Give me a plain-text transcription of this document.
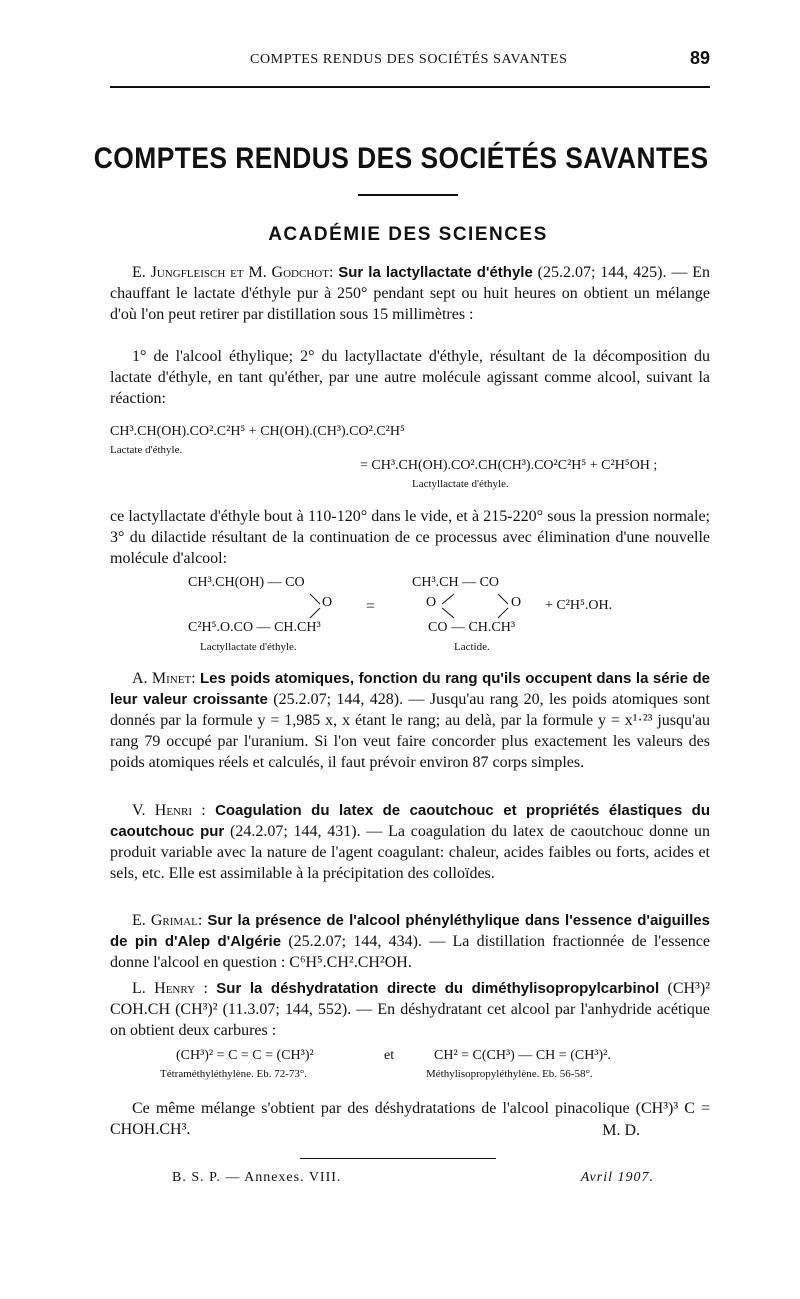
COMPTES RENDUS DES SOCIÉTÉS SAVANTES	89
COMPTES RENDUS DES SOCIÉTÉS SAVANTES
ACADÉMIE DES SCIENCES
E. Jungfleisch et M. Godchot: Sur la lactyllactate d'éthyle (25.2.07; 144, 425). — En chauffant le lactate d'éthyle pur à 250° pendant sept ou huit heures on obtient un mélange d'où l'on peut retirer par distillation sous 15 millimètres :
1° de l'alcool éthylique; 2° du lactyllactate d'éthyle, résultant de la décomposition du lactate d'éthyle, en tant qu'éther, par une autre molécule agissant comme alcool, suivant la réaction:
CH³.CH(OH).CO².C²H⁵ + CH(OH).(CH³).CO².C²H⁵
Lactate d'éthyle.
= CH³.CH(OH).CO².CH(CH³).CO²C²H⁵ + C²H⁵OH ;
Lactyllactate d'éthyle.
ce lactyllactate d'éthyle bout à 110-120° dans le vide, et à 215-220° sous la pression normale; 3° du dilactide résultant de la continuation de ce processus avec élimination d'une nouvelle molécule d'alcool:
CH³.CH(OH) — CO
O
C²H⁵.O.CO — CH.CH³
Lactyllactate d'éthyle.
=
CH³.CH — CO
O	O + C²H⁵.OH.
CO — CH.CH³
Lactide.
A. Minet: Les poids atomiques, fonction du rang qu'ils occupent dans la série de leur valeur croissante (25.2.07; 144, 428). — Jusqu'au rang 20, les poids atomiques sont donnés par la formule y = 1,985 x, x étant le rang; au delà, par la formule y = x¹·²³ jusqu'au rang 79 occupé par l'uranium. Si l'on veut faire concorder plus exactement les valeurs des poids atomiques réels et calculés, il faut prévoir environ 87 corps simples.
V. Henri : Coagulation du latex de caoutchouc et propriétés élastiques du caoutchouc pur (24.2.07; 144, 431). — La coagulation du latex de caoutchouc donne un produit variable avec la nature de l'agent coagulant: chaleur, acides faibles ou forts, acides et sels, etc. Elle est assimilable à la précipitation des colloïdes.
E. Grimal: Sur la présence de l'alcool phényléthylique dans l'essence d'aiguilles de pin d'Alep d'Algérie (25.2.07; 144, 434). — La distillation fractionnée de l'essence donne l'alcool en question : C⁶H⁵.CH².CH²OH.
L. Henry : Sur la déshydratation directe du diméthylisopropylcarbinol (CH³)² COH.CH (CH³)² (11.3.07; 144, 552). — En déshydratant cet alcool par l'anhydride acétique on obtient deux carbures :
(CH³)² = C = C = (CH³)²
Tétraméthyléthylène. Eb. 72-73°.
et	CH² = C(CH³) — CH = (CH³)².
Méthylisopropyléthylène. Eb. 56-58°.
Ce même mélange s'obtient par des déshydratations de l'alcool pinacolique (CH³)³ C = CHOH.CH³.	M. D.
B. S. P. — Annexes. VIII.	Avril 1907.
